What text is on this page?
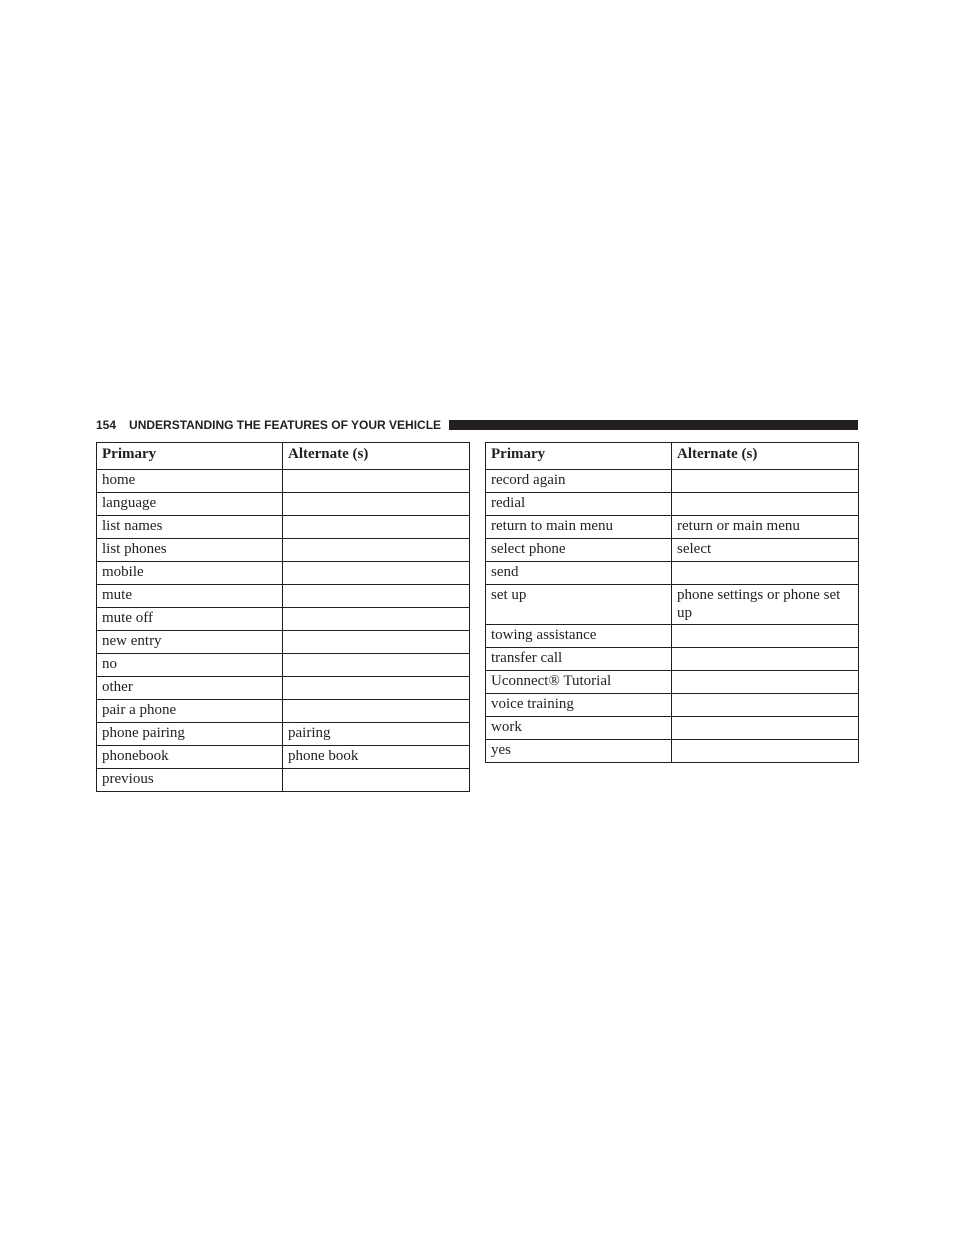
154 UNDERSTANDING THE FEATURES OF YOUR VEHICLE
Primary	Alternate (s)
home	
language	
list names	
list phones	
mobile	
mute	
mute off	
new entry	
no	
other	
pair a phone	
phone pairing	pairing
phonebook	phone book
previous	
Primary	Alternate (s)
record again	
redial	
return to main menu	return or main menu
select phone	select
send	
set up	phone settings or phone set up
towing assistance	
transfer call	
Uconnect® Tutorial	
voice training	
work	
yes	
